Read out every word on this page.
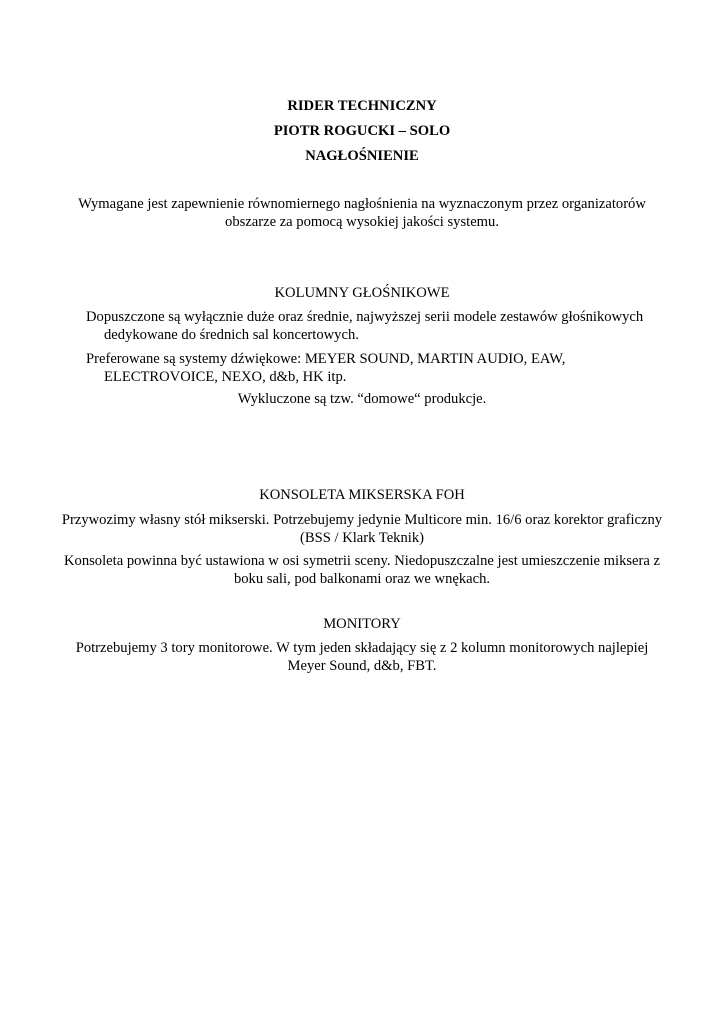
RIDER TECHNICZNY
PIOTR ROGUCKI – SOLO
NAGŁOŚNIENIE
Wymagane jest zapewnienie równomiernego nagłośnienia na wyznaczonym przez organizatorów obszarze za pomocą wysokiej jakości systemu.
KOLUMNY GŁOŚNIKOWE
Dopuszczone są wyłącznie duże oraz średnie, najwyższej serii modele zestawów głośnikowych dedykowane do średnich sal koncertowych.
Preferowane są systemy dźwiękowe: MEYER SOUND, MARTIN AUDIO, EAW, ELECTROVOICE, NEXO, d&b, HK itp.
Wykluczone są tzw. “domowe“ produkcje.
KONSOLETA MIKSERSKA FOH
Przywozimy własny stół mikserski. Potrzebujemy jedynie Multicore min. 16/6 oraz korektor graficzny (BSS / Klark Teknik)
Konsoleta powinna być ustawiona w osi symetrii sceny. Niedopuszczalne jest umieszczenie miksera z boku sali, pod balkonami oraz we wnękach.
MONITORY
Potrzebujemy 3 tory monitorowe. W tym jeden składający się z 2 kolumn monitorowych najlepiej Meyer Sound, d&b, FBT.
